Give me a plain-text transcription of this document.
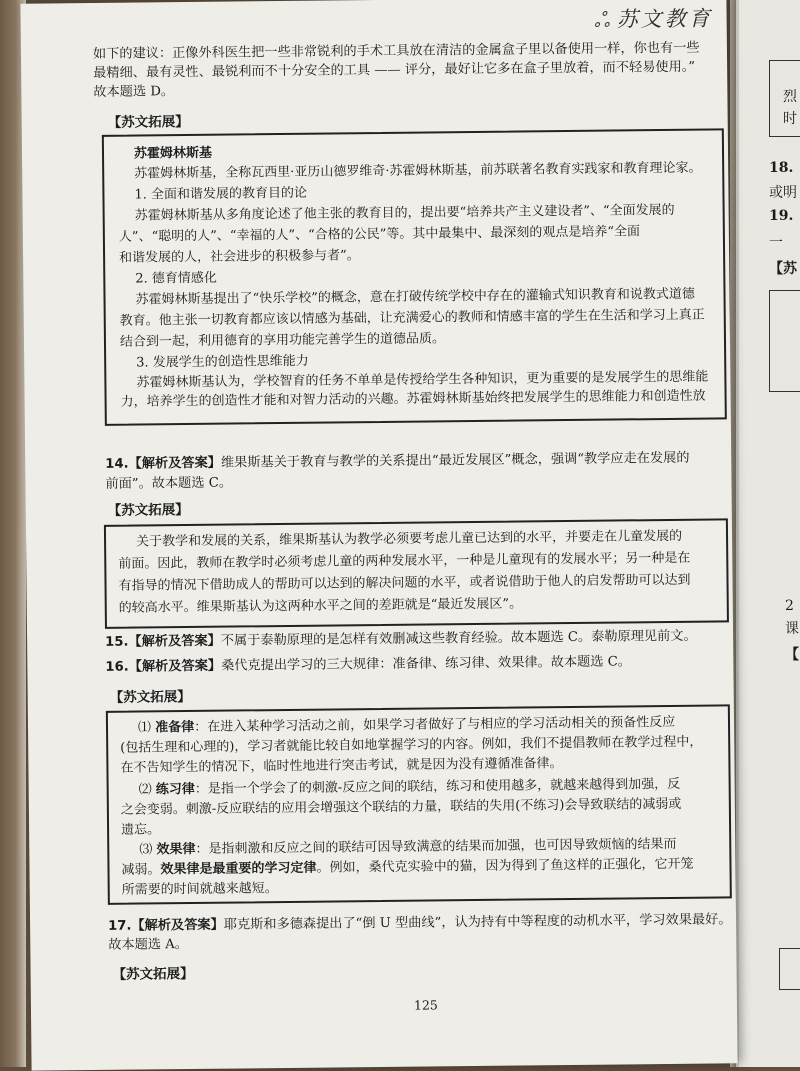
烈
时
18.
或明
19.
一
【苏
2
课
【
ஃ 苏文教育
如下的建议：正像外科医生把一些非常锐利的手术工具放在清洁的金属盒子里以备使用一样，你也有一些
最精细、最有灵性、最锐利而不十分安全的工具 —— 评分，最好让它多在盒子里放着，而不轻易使用。”
故本题选 D。
【苏文拓展】
苏霍姆林斯基
苏霍姆林斯基，全称瓦西里·亚历山德罗维奇·苏霍姆林斯基，前苏联著名教育实践家和教育理论家。
1. 全面和谐发展的教育目的论
苏霍姆林斯基从多角度论述了他主张的教育目的，提出要“培养共产主义建设者”、“全面发展的
人”、“聪明的人”、“幸福的人”、“合格的公民”等。其中最集中、最深刻的观点是培养“全面
和谐发展的人，社会进步的积极参与者”。
2. 德育情感化
苏霍姆林斯基提出了“快乐学校”的概念，意在打破传统学校中存在的灌输式知识教育和说教式道德
教育。他主张一切教育都应该以情感为基础，让充满爱心的教师和情感丰富的学生在生活和学习上真正
结合到一起，利用德育的享用功能完善学生的道德品质。
3. 发展学生的创造性思维能力
苏霍姆林斯基认为，学校智育的任务不单单是传授给学生各种知识，更为重要的是发展学生的思维能
力，培养学生的创造性才能和对智力活动的兴趣。苏霍姆林斯基始终把发展学生的思维能力和创造性放
14.【解析及答案】维果斯基关于教育与教学的关系提出“最近发展区”概念，强调“教学应走在发展的
前面”。故本题选 C。
【苏文拓展】
关于教学和发展的关系，维果斯基认为教学必须要考虑儿童已达到的水平，并要走在儿童发展的
前面。因此，教师在教学时必须考虑儿童的两种发展水平，一种是儿童现有的发展水平；另一种是在
有指导的情况下借助成人的帮助可以达到的解决问题的水平，或者说借助于他人的启发帮助可以达到
的较高水平。维果斯基认为这两种水平之间的差距就是“最近发展区”。
15.【解析及答案】不属于泰勒原理的是怎样有效删减这些教育经验。故本题选 C。泰勒原理见前文。
16.【解析及答案】桑代克提出学习的三大规律：准备律、练习律、效果律。故本题选 C。
【苏文拓展】
⑴ 准备律：在进入某种学习活动之前，如果学习者做好了与相应的学习活动相关的预备性反应
(包括生理和心理的)，学习者就能比较自如地掌握学习的内容。例如，我们不提倡教师在教学过程中，
在不告知学生的情况下，临时性地进行突击考试，就是因为没有遵循准备律。
⑵ 练习律：是指一个学会了的刺激-反应之间的联结，练习和使用越多，就越来越得到加强，反
之会变弱。刺激-反应联结的应用会增强这个联结的力量，联结的失用(不练习)会导致联结的减弱或
遗忘。
⑶ 效果律：是指刺激和反应之间的联结可因导致满意的结果而加强，也可因导致烦恼的结果而
减弱。效果律是最重要的学习定律。例如，桑代克实验中的猫，因为得到了鱼这样的正强化，它开笼
所需要的时间就越来越短。
17.【解析及答案】耶克斯和多德森提出了“倒 U 型曲线”，认为持有中等程度的动机水平，学习效果最好。
故本题选 A。
【苏文拓展】
125
